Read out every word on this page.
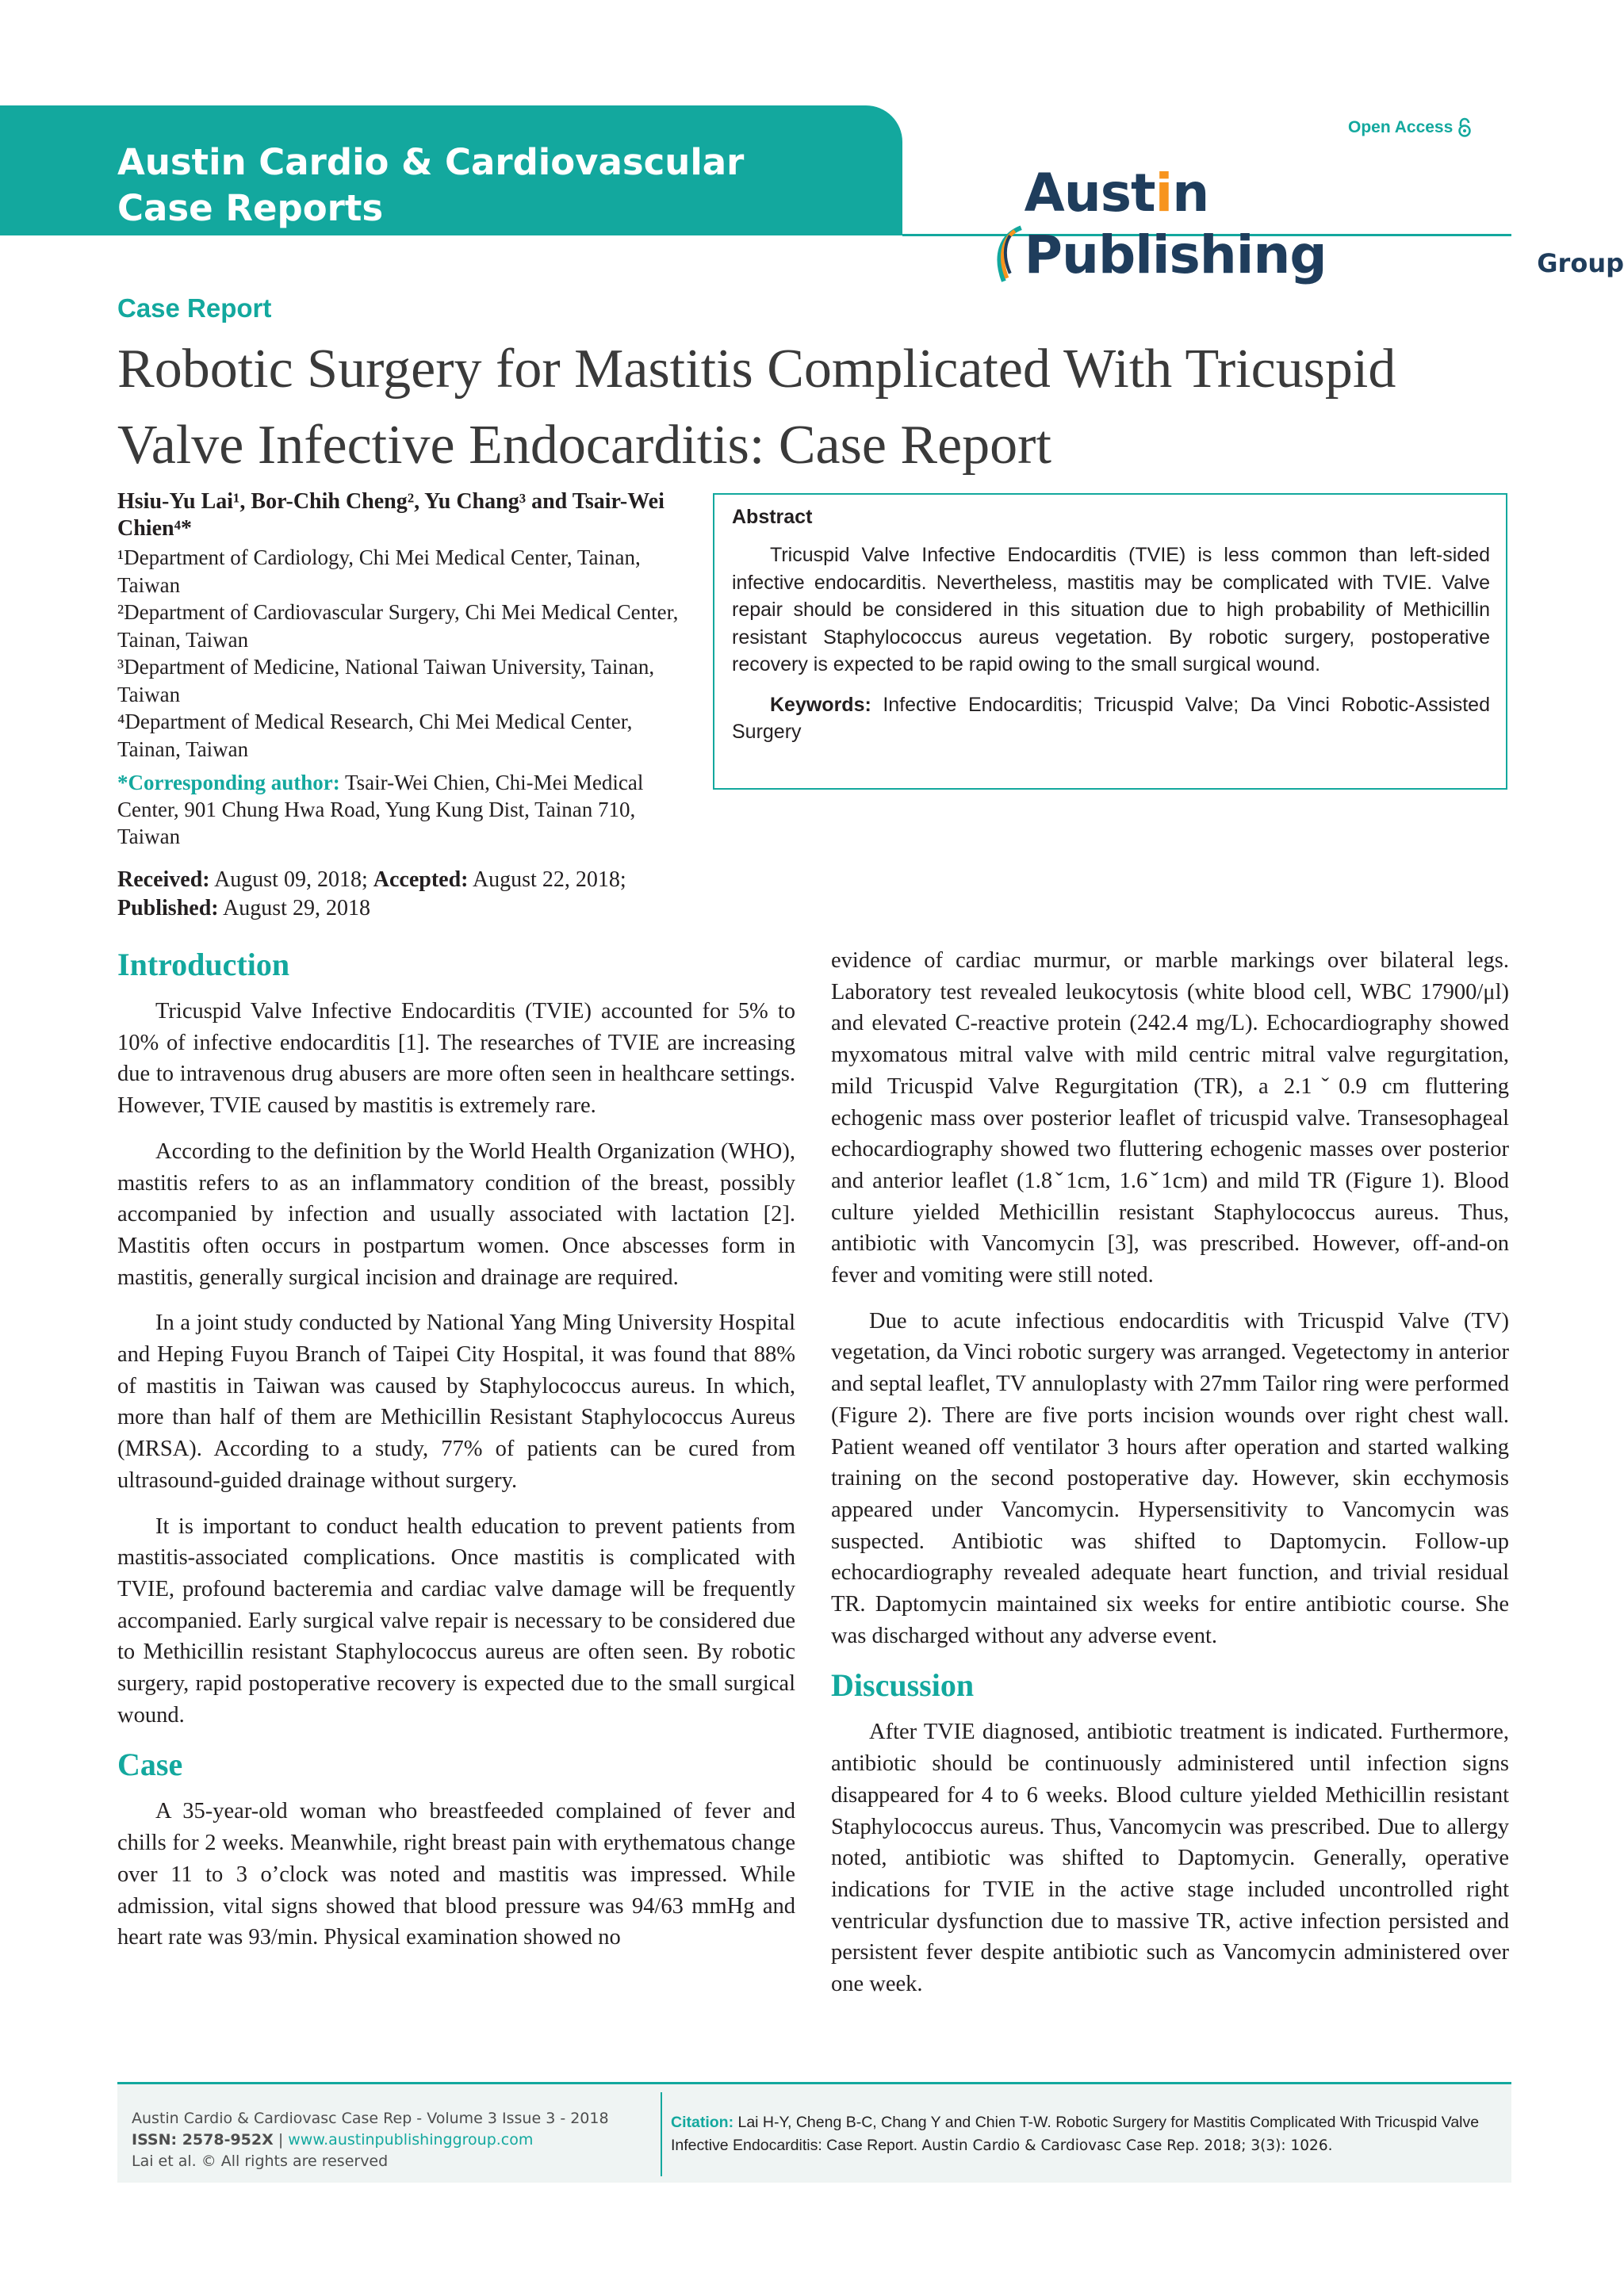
Austin Cardio & Cardiovascular Case Reports
Open Access
Austin Publishing	Group
Case Report
Robotic Surgery for Mastitis Complicated With Tricuspid Valve Infective Endocarditis: Case Report
Hsiu-Yu Lai¹, Bor-Chih Cheng², Yu Chang³ and Tsair-Wei Chien⁴*
¹Department of Cardiology, Chi Mei Medical Center, Tainan, Taiwan
²Department of Cardiovascular Surgery, Chi Mei Medical Center, Tainan, Taiwan
³Department of Medicine, National Taiwan University, Tainan, Taiwan
⁴Department of Medical Research, Chi Mei Medical Center, Tainan, Taiwan
*Corresponding author: Tsair-Wei Chien, Chi-Mei Medical Center, 901 Chung Hwa Road, Yung Kung Dist, Tainan 710, Taiwan
Received: August 09, 2018; Accepted: August 22, 2018; Published: August 29, 2018
Abstract

Tricuspid Valve Infective Endocarditis (TVIE) is less common than left-sided infective endocarditis. Nevertheless, mastitis may be complicated with TVIE. Valve repair should be considered in this situation due to high probability of Methicillin resistant Staphylococcus aureus vegetation. By robotic surgery, postoperative recovery is expected to be rapid owing to the small surgical wound.

Keywords: Infective Endocarditis; Tricuspid Valve; Da Vinci Robotic-Assisted Surgery

Introduction

Tricuspid Valve Infective Endocarditis (TVIE) accounted for 5% to 10% of infective endocarditis [1]. The researches of TVIE are increasing due to intravenous drug abusers are more often seen in healthcare settings. However, TVIE caused by mastitis is extremely rare.

According to the definition by the World Health Organization (WHO), mastitis refers to as an inflammatory condition of the breast, possibly accompanied by infection and usually associated with lactation [2]. Mastitis often occurs in postpartum women. Once abscesses form in mastitis, generally surgical incision and drainage are required.

In a joint study conducted by National Yang Ming University Hospital and Heping Fuyou Branch of Taipei City Hospital, it was found that 88% of mastitis in Taiwan was caused by Staphylococcus aureus. In which, more than half of them are Methicillin Resistant Staphylococcus Aureus (MRSA). According to a study, 77% of patients can be cured from ultrasound-guided drainage without surgery.

It is important to conduct health education to prevent patients from mastitis-associated complications. Once mastitis is complicated with TVIE, profound bacteremia and cardiac valve damage will be frequently accompanied. Early surgical valve repair is necessary to be considered due to Methicillin resistant Staphylococcus aureus are often seen. By robotic surgery, rapid postoperative recovery is expected due to the small surgical wound.

Case

A 35-year-old woman who breastfeeded complained of fever and chills for 2 weeks. Meanwhile, right breast pain with erythematous change over 11 to 3 o’clock was noted and mastitis was impressed. While admission, vital signs showed that blood pressure was 94/63 mmHg and heart rate was 93/min. Physical examination showed no

evidence of cardiac murmur, or marble markings over bilateral legs. Laboratory test revealed leukocytosis (white blood cell, WBC 17900/μl) and elevated C-reactive protein (242.4 mg/L). Echocardiography showed myxomatous mitral valve with mild centric mitral valve regurgitation, mild Tricuspid Valve Regurgitation (TR), a 2.1ˇ0.9 cm fluttering echogenic mass over posterior leaflet of tricuspid valve. Transesophageal echocardiography showed two fluttering echogenic masses over posterior and anterior leaflet (1.8ˇ1cm, 1.6ˇ1cm) and mild TR (Figure 1). Blood culture yielded Methicillin resistant Staphylococcus aureus. Thus, antibiotic with Vancomycin [3], was prescribed. However, off-and-on fever and vomiting were still noted.

Due to acute infectious endocarditis with Tricuspid Valve (TV) vegetation, da Vinci robotic surgery was arranged. Vegetectomy in anterior and septal leaflet, TV annuloplasty with 27mm Tailor ring were performed (Figure 2). There are five ports incision wounds over right chest wall. Patient weaned off ventilator 3 hours after operation and started walking training on the second postoperative day. However, skin ecchymosis appeared under Vancomycin. Hypersensitivity to Vancomycin was suspected. Antibiotic was shifted to Daptomycin. Follow-up echocardiography revealed adequate heart function, and trivial residual TR. Daptomycin maintained six weeks for entire antibiotic course. She was discharged without any adverse event.

Discussion

After TVIE diagnosed, antibiotic treatment is indicated. Furthermore, antibiotic should be continuously administered until infection signs disappeared for 4 to 6 weeks. Blood culture yielded Methicillin resistant Staphylococcus aureus. Thus, Vancomycin was prescribed. Due to allergy noted, antibiotic was shifted to Daptomycin. Generally, operative indications for TVIE in the active stage included uncontrolled right ventricular dysfunction due to massive TR, active infection persisted and persistent fever despite antibiotic such as Vancomycin administered over one week.

Austin Cardio & Cardiovasc Case Rep - Volume 3 Issue 3 - 2018
ISSN: 2578-952X | www.austinpublishinggroup.com
Lai et al. © All rights are reserved
Citation: Lai H-Y, Cheng B-C, Chang Y and Chien T-W. Robotic Surgery for Mastitis Complicated With Tricuspid Valve Infective Endocarditis: Case Report. Austin Cardio & Cardiovasc Case Rep. 2018; 3(3): 1026.
